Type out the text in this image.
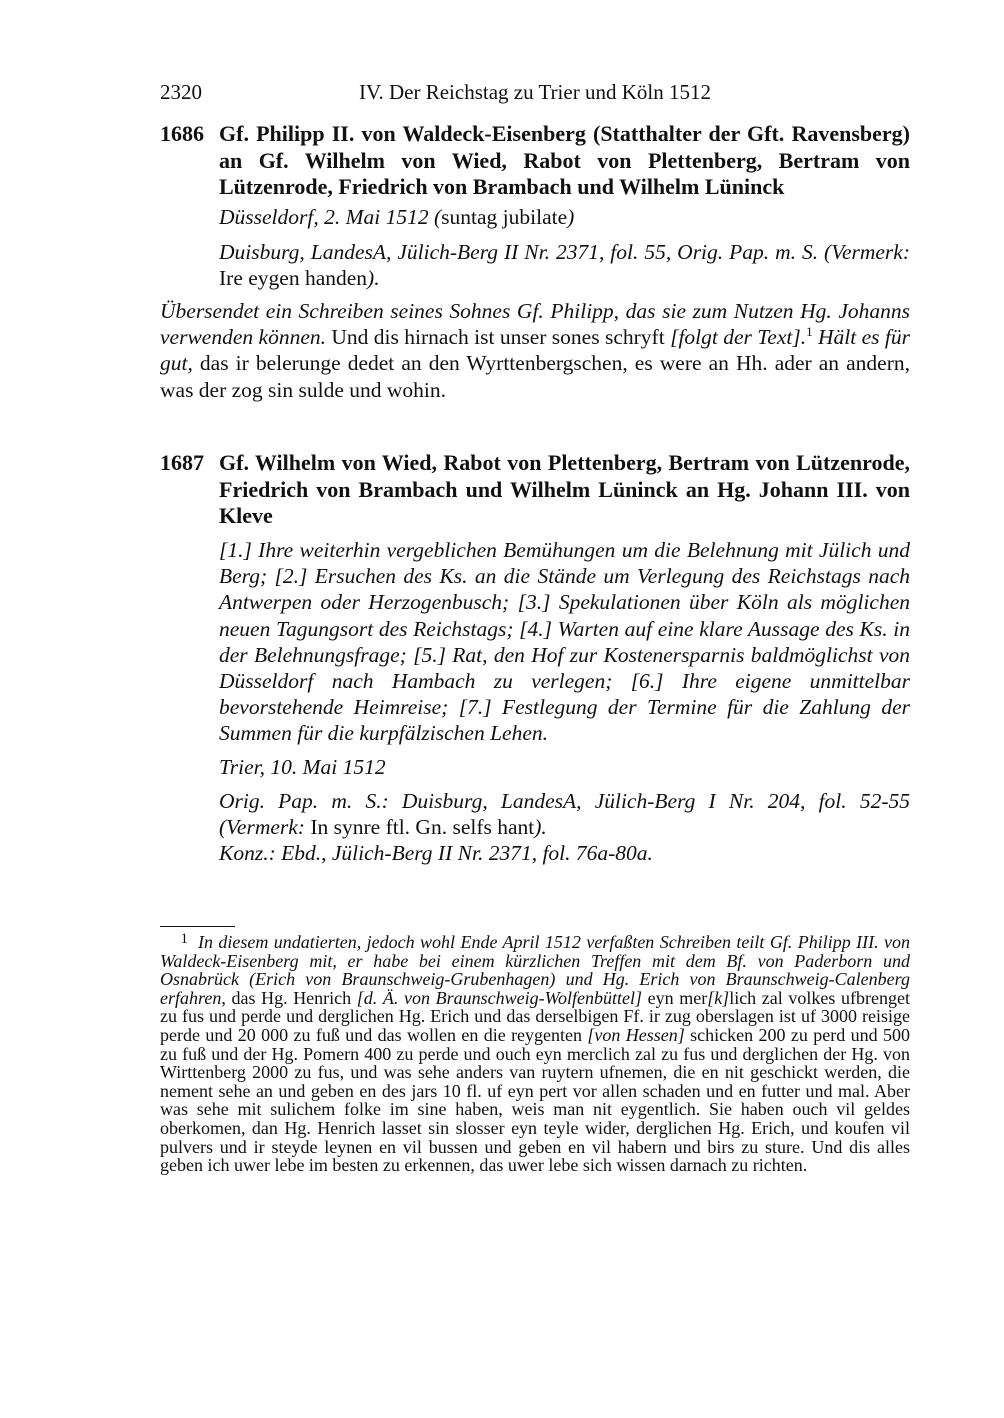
2320	IV. Der Reichstag zu Trier und Köln 1512
1686 Gf. Philipp II. von Waldeck-Eisenberg (Statthalter der Gft. Ravensberg) an Gf. Wilhelm von Wied, Rabot von Plettenberg, Bertram von Lützenrode, Friedrich von Brambach und Wilhelm Lüninck
Düsseldorf, 2. Mai 1512 (suntag jubilate)
Duisburg, LandesA, Jülich-Berg II Nr. 2371, fol. 55, Orig. Pap. m. S. (Vermerk: Ire eygen handen).
Übersendet ein Schreiben seines Sohnes Gf. Philipp, das sie zum Nutzen Hg. Johanns verwenden können. Und dis hirnach ist unser sones schryft [folgt der Text].$^1$ Hält es für gut, das ir belerunge dedet an den Wyrttenbergschen, es were an Hh. ader an andern, was der zog sin sulde und wohin.
1687 Gf. Wilhelm von Wied, Rabot von Plettenberg, Bertram von Lützenrode, Friedrich von Brambach und Wilhelm Lüninck an Hg. Johann III. von Kleve
[1.] Ihre weiterhin vergeblichen Bemühungen um die Belehnung mit Jülich und Berg; [2.] Ersuchen des Ks. an die Stände um Verlegung des Reichstags nach Antwerpen oder Herzogenbusch; [3.] Spekulationen über Köln als möglichen neuen Tagungsort des Reichstags; [4.] Warten auf eine klare Aussage des Ks. in der Belehnungsfrage; [5.] Rat, den Hof zur Kostenersparnis baldmöglichst von Düsseldorf nach Hambach zu verlegen; [6.] Ihre eigene unmittelbar bevorstehende Heimreise; [7.] Festlegung der Termine für die Zahlung der Summen für die kurpfälzischen Lehen.
Trier, 10. Mai 1512
Orig. Pap. m. S.: Duisburg, LandesA, Jülich-Berg I Nr. 204, fol. 52-55 (Vermerk: In synre ftl. Gn. selfs hant).
Konz.: Ebd., Jülich-Berg II Nr. 2371, fol. 76a-80a.
1 In diesem undatierten, jedoch wohl Ende April 1512 verfaßten Schreiben teilt Gf. Philipp III. von Waldeck-Eisenberg mit, er habe bei einem kürzlichen Treffen mit dem Bf. von Paderborn und Osnabrück (Erich von Braunschweig-Grubenhagen) und Hg. Erich von Braunschweig-Calenberg erfahren, das Hg. Henrich [d. Ä. von Braunschweig-Wolfenbüttel] eyn mer[k]lich zal volkes ufbrenget zu fus und perde und derglichen Hg. Erich und das derselbigen Ff. ir zug oberslagen ist uf 3000 reisige perde und 20 000 zu fuß und das wollen en die reygenten [von Hessen] schicken 200 zu perd und 500 zu fuß und der Hg. Pomern 400 zu perde und ouch eyn merclich zal zu fus und derglichen der Hg. von Wirttenberg 2000 zu fus, und was sehe anders van ruytern ufnemen, die en nit geschickt werden, die nement sehe an und geben en des jars 10 fl. uf eyn pert vor allen schaden und en futter und mal. Aber was sehe mit sulichem folke im sine haben, weis man nit eygentlich. Sie haben ouch vil geldes oberkomen, dan Hg. Henrich lasset sin slosser eyn teyle wider, derglichen Hg. Erich, und koufen vil pulvers und ir steyde leynen en vil bussen und geben en vil habern und birs zu sture. Und dis alles geben ich uwer lebe im besten zu erkennen, das uwer lebe sich wissen darnach zu richten.
